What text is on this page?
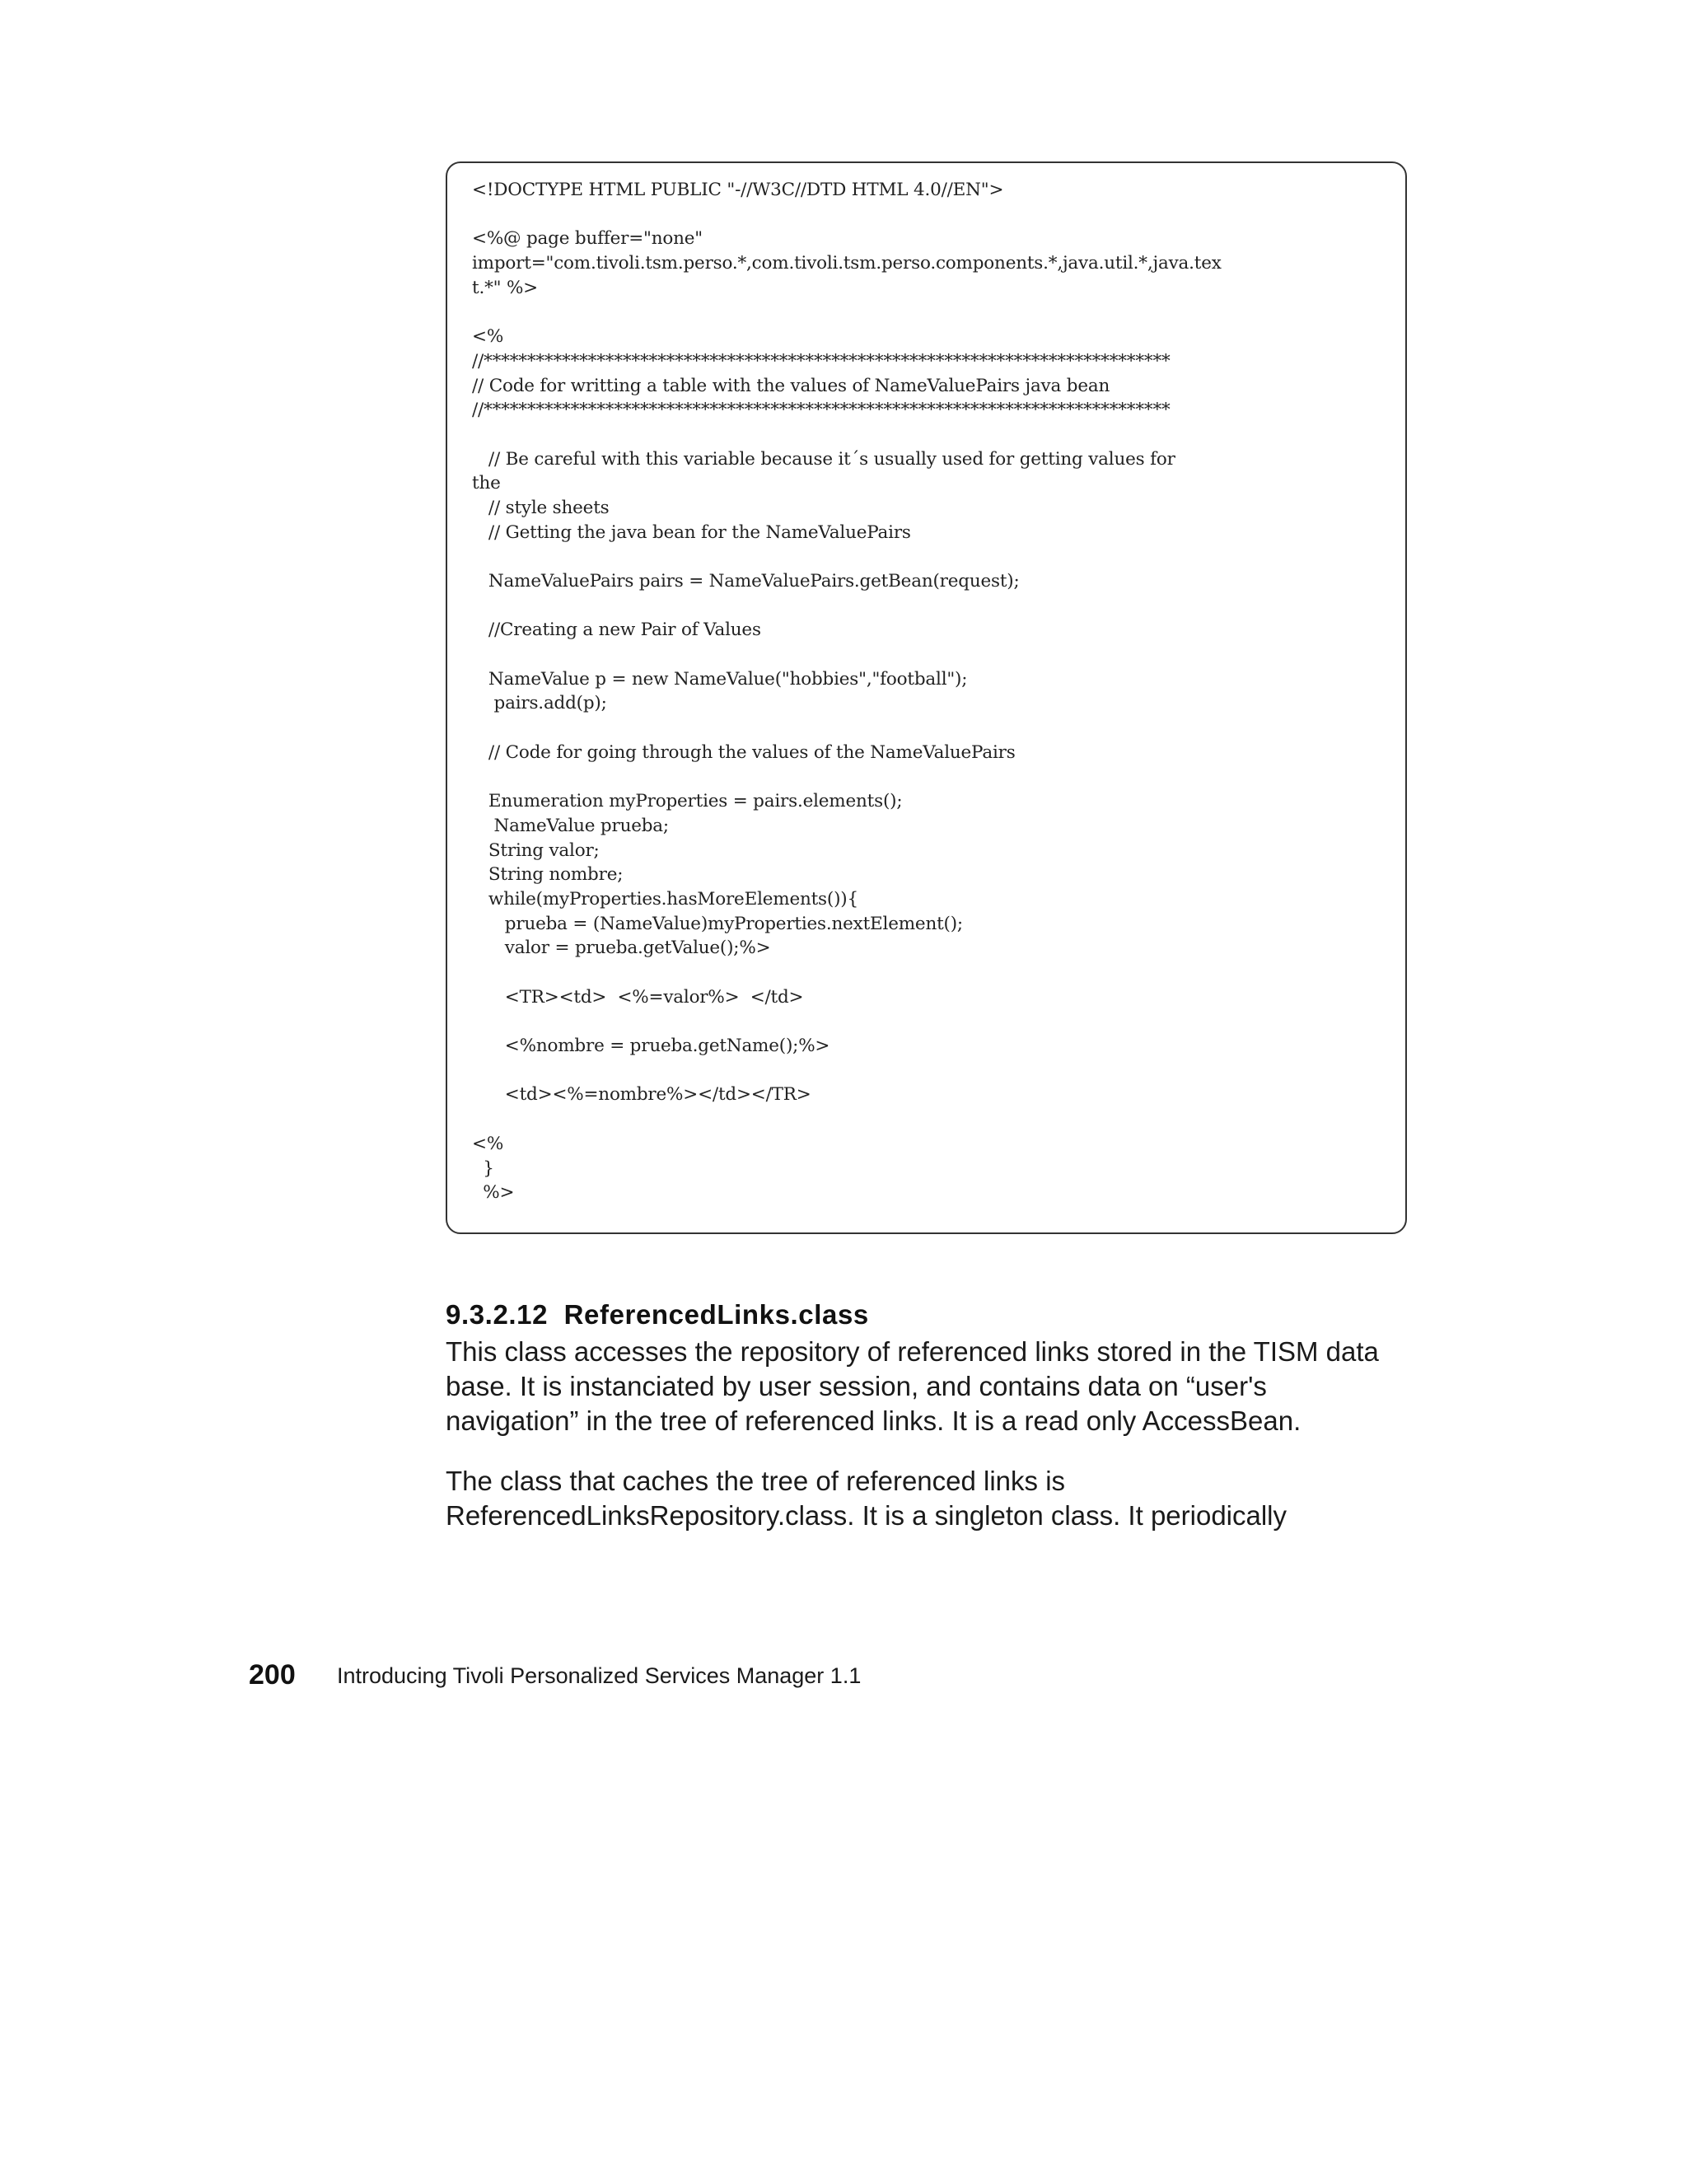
<!DOCTYPE HTML PUBLIC "-//W3C//DTD HTML 4.0//EN">
<%@ page buffer="none"
import="com.tivoli.tsm.perso.*,com.tivoli.tsm.perso.components.*,java.util.*,java.tex
t.*" %>
<%
//*******************************************************************************
// Code for writting a table with the values of NameValuePairs java bean
//*******************************************************************************
// Be careful with this variable because it´s usually used for getting values for
the
// style sheets
// Getting the java bean for the NameValuePairs
NameValuePairs pairs = NameValuePairs.getBean(request);
//Creating a new Pair of Values
NameValue p = new NameValue("hobbies","football");
pairs.add(p);
// Code for going through the values of the NameValuePairs
Enumeration myProperties = pairs.elements();
NameValue prueba;
String valor;
String nombre;
while(myProperties.hasMoreElements()){
prueba = (NameValue)myProperties.nextElement();
valor = prueba.getValue();%>
<TR><td>  <%=valor%>  </td>
<%nombre = prueba.getName();%>
<td><%=nombre%></td></TR>
<%
}
%>
9.3.2.12  ReferencedLinks.class
This class accesses the repository of referenced links stored in the TISM data
base. It is instanciated by user session, and contains data on “user's
navigation” in the tree of referenced links. It is a read only AccessBean.
The class that caches the tree of referenced links is
ReferencedLinksRepository.class. It is a singleton class. It periodically
200 Introducing Tivoli Personalized Services Manager 1.1
